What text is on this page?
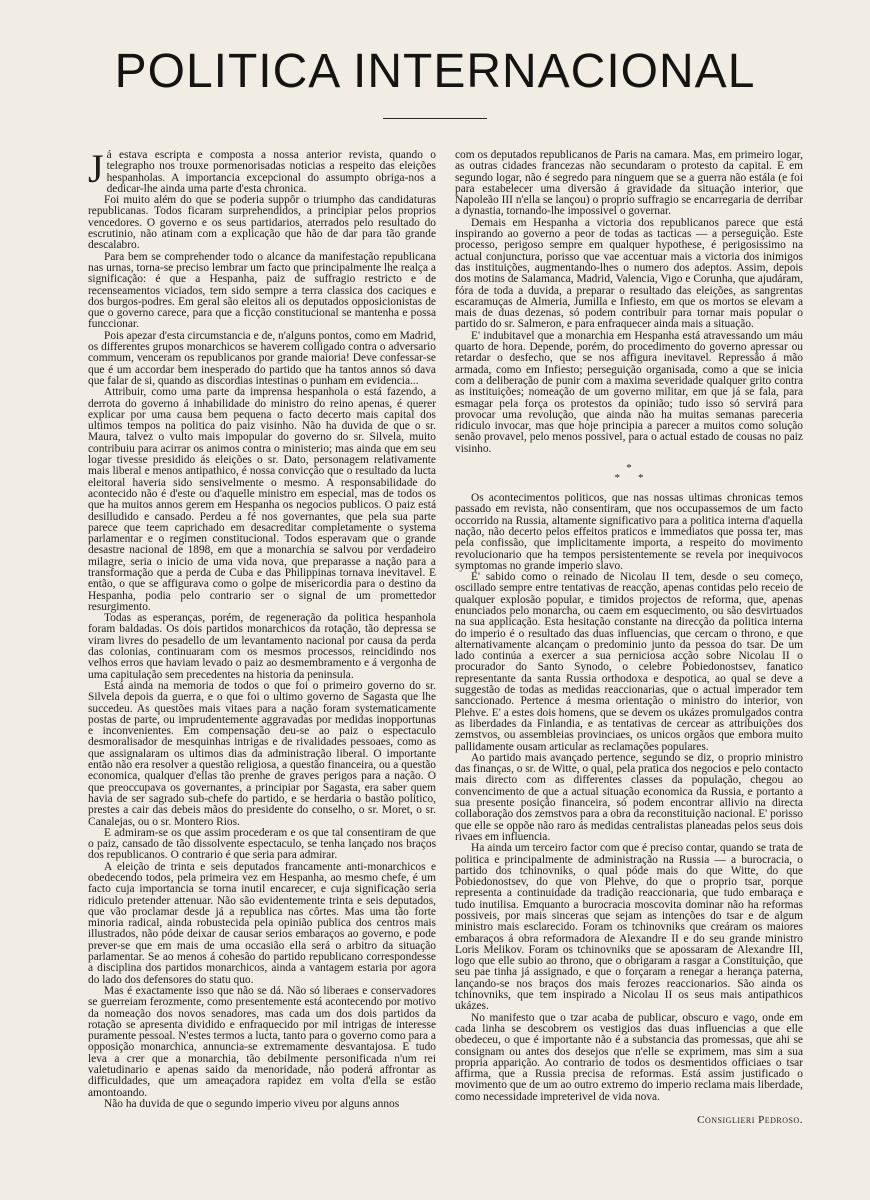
POLITICA INTERNACIONAL

Já estava escripta e composta a nossa anterior revista, quando o telegrapho nos trouxe pormenorisadas noticias a respeito das eleições hespanholas. A importancia excepcional do assumpto obriga-nos a dedicar-lhe ainda uma parte d'esta chronica.

Foi muito além do que se poderia suppôr o triumpho das candidaturas republicanas. Todos ficaram surprehendidos, a principiar pelos proprios vencedores. O governo e os seus partidarios, aterrados pelo resultado do escrutinio, não atinam com a explicação que hão de dar para tão grande descalabro.

Para bem se comprehender todo o alcance da manifestação republicana nas urnas, torna-se preciso lembrar um facto que principalmente lhe realça a significação: é que a Hespanha, paiz de suffragio restricto e de recenseamentos viciados, tem sido sempre a terra classica dos caciques e dos burgos-podres. Em geral são eleitos ali os deputados opposicionistas de que o governo carece, para que a ficção constitucional se mantenha e possa funccionar.

Pois apezar d'esta circumstancia e de, n'alguns pontos, como em Madrid, os differentes grupos monarchicos se haverem colligado contra o adversario commum, venceram os republicanos por grande maioria! Deve confessar-se que é um accordar bem inesperado do partido que ha tantos annos só dava que falar de si, quando as discordias intestinas o punham em evidencia...

Attribuir, como uma parte da imprensa hespanhola o está fazendo, a derrota do governo á inhabilidade do ministro do reino apenas, é querer explicar por uma causa bem pequena o facto decerto mais capital dos ultimos tempos na politica do paiz visinho. Não ha duvida de que o sr. Maura, talvez o vulto mais impopular do governo do sr. Silvela, muito contribuiu para acirrar os animos contra o ministerio; mas ainda que em seu logar tivesse presidido ás eleições o sr. Dato, personagem relativamente mais liberal e menos antipathico, é nossa convicção que o resultado da lucta eleitoral haveria sido sensivelmente o mesmo. A responsabilidade do acontecido não é d'este ou d'aquelle ministro em especial, mas de todos os que ha muitos annos gerem em Hespanha os negocios publicos. O paiz está desilludido e cansado. Perdeu a fé nos governantes, que pela sua parte parece que teem caprichado em desacreditar completamente o systema parlamentar e o regimen constitucional. Todos esperavam que o grande desastre nacional de 1898, em que a monarchia se salvou por verdadeiro milagre, seria o inicio de uma vida nova, que preparasse a nação para a transformação que a perda de Cuba e das Philippinas tornava inevitavel. E então, o que se affigurava como o golpe de misericordia para o destino da Hespanha, podia pelo contrario ser o signal de um promettedor resurgimento.

Todas as esperanças, porém, de regeneração da politica hespanhola foram baldadas. Os dois partidos monarchicos da rotação, tão depressa se viram livres do pesadello de um levantamento nacional por causa da perda das colonias, continuaram com os mesmos processos, reincidindo nos velhos erros que haviam levado o paiz ao desmembramento e á vergonha de uma capitulação sem precedentes na historia da peninsula.

Está ainda na memoria de todos o que foi o primeiro governo do sr. Silvela depois da guerra, e o que foi o ultimo governo de Sagasta que lhe succedeu. As questões mais vitaes para a nação foram systematicamente postas de parte, ou imprudentemente aggravadas por medidas inopportunas e inconvenientes. Em compensação deu-se ao paiz o espectaculo desmoralisador de mesquinhas intrigas e de rivalidades pessoaes, como as que assignalaram os ultimos dias da administração liberal. O importante então não era resolver a questão religiosa, a questão financeira, ou a questão economica, qualquer d'ellas tão prenhe de graves perigos para a nação. O que preoccupava os governantes, a principiar por Sagasta, era saber quem havia de ser sagrado sub-chefe do partido, e se herdaria o bastão politico, prestes a cair das debeis mãos do presidente do conselho, o sr. Moret, o sr. Canalejas, ou o sr. Montero Rios.

E admiram-se os que assim procederam e os que tal consentiram de que o paiz, cansado de tão dissolvente espectaculo, se tenha lançado nos braços dos republicanos. O contrario é que seria para admirar.

A eleição de trinta e seis deputados francamente anti-monarchicos e obedecendo todos, pela primeira vez em Hespanha, ao mesmo chefe, é um facto cuja importancia se torna inutil encarecer, e cuja significação seria ridiculo pretender attenuar. Não são evidentemente trinta e seis deputados, que vão proclamar desde já a republica nas côrtes. Mas uma tão forte minoria radical, ainda robustecida pela opinião publica dos centros mais illustrados, não póde deixar de causar serios embaraços ao governo, e pode prever-se que em mais de uma occasião ella será o arbitro da situação parlamentar. Se ao menos á cohesão do partido republicano correspondesse a disciplina dos partidos monarchicos, ainda a vantagem estaria por agora do lado dos defensores do statu quo.

Mas é exactamente isso que não se dá. Não só liberaes e conservadores se guerreiam ferozmente, como presentemente está acontecendo por motivo da nomeação dos novos senadores, mas cada um dos dois partidos da rotação se apresenta dividido e enfraquecido por mil intrigas de interesse puramente pessoal. N'estes termos a lucta, tanto para o governo como para a opposição monarchica, annuncia-se extremamente desvantajosa. E tudo leva a crer que a monarchia, tão debilmente personificada n'um rei valetudinario e apenas saido da menoridade, não poderá affrontar as difficuldades, que um ameaçadora rapidez em volta d'ella se estão amontoando.

Não ha duvida de que o segundo imperio viveu por alguns annos

com os deputados republicanos de Paris na camara. Mas, em primeiro logar, as outras cidades francezas não secundaram o protesto da capital. E em segundo logar, não é segredo para ninguem que se a guerra não estála (e foi para estabelecer uma diversão á gravidade da situação interior, que Napoleão III n'ella se lançou) o proprio suffragio se encarregaria de derribar a dynastia, tornando-lhe impossivel o governar.

Demais em Hespanha a victoria dos republicanos parece que está inspirando ao governo a peor de todas as tacticas — a perseguição. Este processo, perigoso sempre em qualquer hypothese, é perigosissimo na actual conjunctura, porisso que vae accentuar mais a victoria dos inimigos das instituições, augmentando-lhes o numero dos adeptos. Assim, depois dos motins de Salamanca, Madrid, Valencia, Vigo e Corunha, que ajudáram, fóra de toda a duvida, a preparar o resultado das eleições, as sangrentas escaramuças de Almeria, Jumilla e Infiesto, em que os mortos se elevam a mais de duas dezenas, só podem contribuir para tornar mais popular o partido do sr. Salmeron, e para enfraquecer ainda mais a situação.

E' indubitavel que a monarchia em Hespanha está atravessando um máu quarto de hora. Depende, porém, do procedimento do governo apressar ou retardar o desfecho, que se nos affigura inevitavel. Repressão á mão armada, como em Infiesto; perseguição organisada, como a que se inicia com a deliberação de punir com a maxima severidade qualquer grito contra as instituições; nomeação de um governo militar, em que já se fala, para esmagar pela força os protestos da opinião; tudo isso só servirá para provocar uma revolução, que ainda não ha muitas semanas pareceria ridiculo invocar, mas que hoje principia a parecer a muitos como solução senão provavel, pelo menos possivel, para o actual estado de cousas no paiz visinho.

*
**

Os acontecimentos politicos, que nas nossas ultimas chronicas temos passado em revista, não consentiram, que nos occupassemos de um facto occorrido na Russia, altamente significativo para a politica interna d'aquella nação, não decerto pelos effeitos praticos e immediatos que possa ter, mas pela confissão, que implicitamente importa, a respeito do movimento revolucionario que ha tempos persistentemente se revela por inequivocos symptomas no grande imperio slavo.

E' sabido como o reinado de Nicolau II tem, desde o seu começo, oscillado sempre entre tentativas de reacção, apenas contidas pelo receio de qualquer explosão popular, e timidos projectos de reforma, que, apenas enunciados pelo monarcha, ou caem em esquecimento, ou são desvirtuados na sua applicação. Esta hesitação constante na direcção da politica interna do imperio é o resultado das duas influencias, que cercam o throno, e que alternativamente alcançam o predominio junto da pessoa do tsar. De um lado continúa a exercer a sua perniciosa acção sobre Nicolau II o procurador do Santo Synodo, o celebre Pobiedonostsev, fanatico representante da santa Russia orthodoxa e despotica, ao qual se deve a suggestão de todas as medidas reaccionarias, que o actual imperador tem sanccionado. Pertence á mesma orientação o ministro do interior, von Plehve. E' a estes dois homens, que se devem os ukázes promulgados contra as liberdades da Finlandia, e as tentativas de cercear as attribuições dos zemstvos, ou assembleias provinciaes, os unicos orgãos que embora muito pallidamente ousam articular as reclamações populares.

Ao partido mais avançado pertence, segundo se diz, o proprio ministro das finanças, o sr. de Witte, o qual, pela pratica dos negocios e pelo contacto mais directo com as differentes classes da população, chegou ao convencimento de que a actual situação economica da Russia, e portanto a sua presente posição financeira, só podem encontrar allivio na directa collaboração dos zemstvos para a obra da reconstituição nacional. E' porisso que elle se oppõe não raro ás medidas centralistas planeadas pelos seus dois rivaes em influencia.

Ha ainda um terceiro factor com que é preciso contar, quando se trata de politica e principalmente de administração na Russia — a burocracia, o partido dos tchinovniks, o qual póde mais do que Witte, do que Pobiedonostsev, do que von Plehve, do que o proprio tsar, porque representa a continuidade da tradição reaccionaria, que tudo embaraça e tudo inutilisa. Emquanto a burocracia moscovita dominar não ha reformas possiveis, por mais sinceras que sejam as intenções do tsar e de algum ministro mais esclarecido. Foram os tchinovniks que creáram os maiores embaraços á obra reformadora de Alexandre II e do seu grande ministro Loris Melikov. Foram os tchinovniks que se apossaram de Alexandre III, logo que elle subio ao throno, que o obrigaram a rasgar a Constituição, que seu pae tinha já assignado, e que o forçaram a renegar a herança paterna, lançando-se nos braços dos mais ferozes reaccionarios. São ainda os tchinovniks, que tem inspirado a Nicolau II os seus mais antipathicos ukázes.

No manifesto que o tzar acaba de publicar, obscuro e vago, onde em cada linha se descobrem os vestigios das duas influencias a que elle obedeceu, o que é importante não é a substancia das promessas, que ahi se consignam ou antes dos desejos que n'elle se exprimem, mas sim a sua propria apparição. Ao contrario de todos os desmentidos officiaes o tsar affirma, que a Russia precisa de reformas. Está assim justificado o movimento que de um ao outro extremo do imperio reclama mais liberdade, como necessidade impreterivel de vida nova.

Consiglieri Pedroso.
